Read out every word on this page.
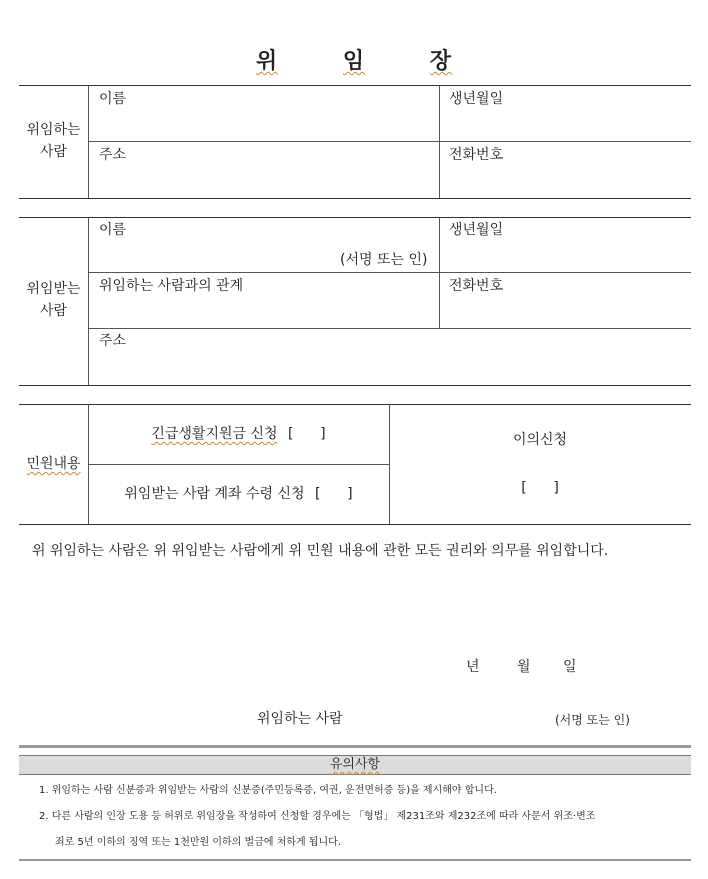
위	임	장
위임하는
사람
이름	생년월일
주소	전화번호
위임받는
사람
이름	생년월일
(서명 또는 인)
위임하는 사람과의 관계	전화번호
주소
민원내용
긴급생활지원금 신청 [      ]
위임받는 사람 계좌 수령 신청 [      ]
이의신청
[      ]
위 위임하는 사람은 위 위임받는 사람에게 위 민원 내용에 관한 모든 권리와 의무를 위임합니다.
년	월 일
위임하는 사람	(서명 또는 인)
유의사항
1. 위임하는 사람 신분증과 위임받는 사람의 신분증(주민등록증, 여권, 운전면허증 등)을 제시해야 합니다.
2. 다른 사람의 인장 도용 등 허위로 위임장을 작성하여 신청할 경우에는 「형법」 제231조와 제232조에 따라 사문서 위조·변조
죄로 5년 이하의 징역 또는 1천만원 이하의 벌금에 처하게 됩니다.
